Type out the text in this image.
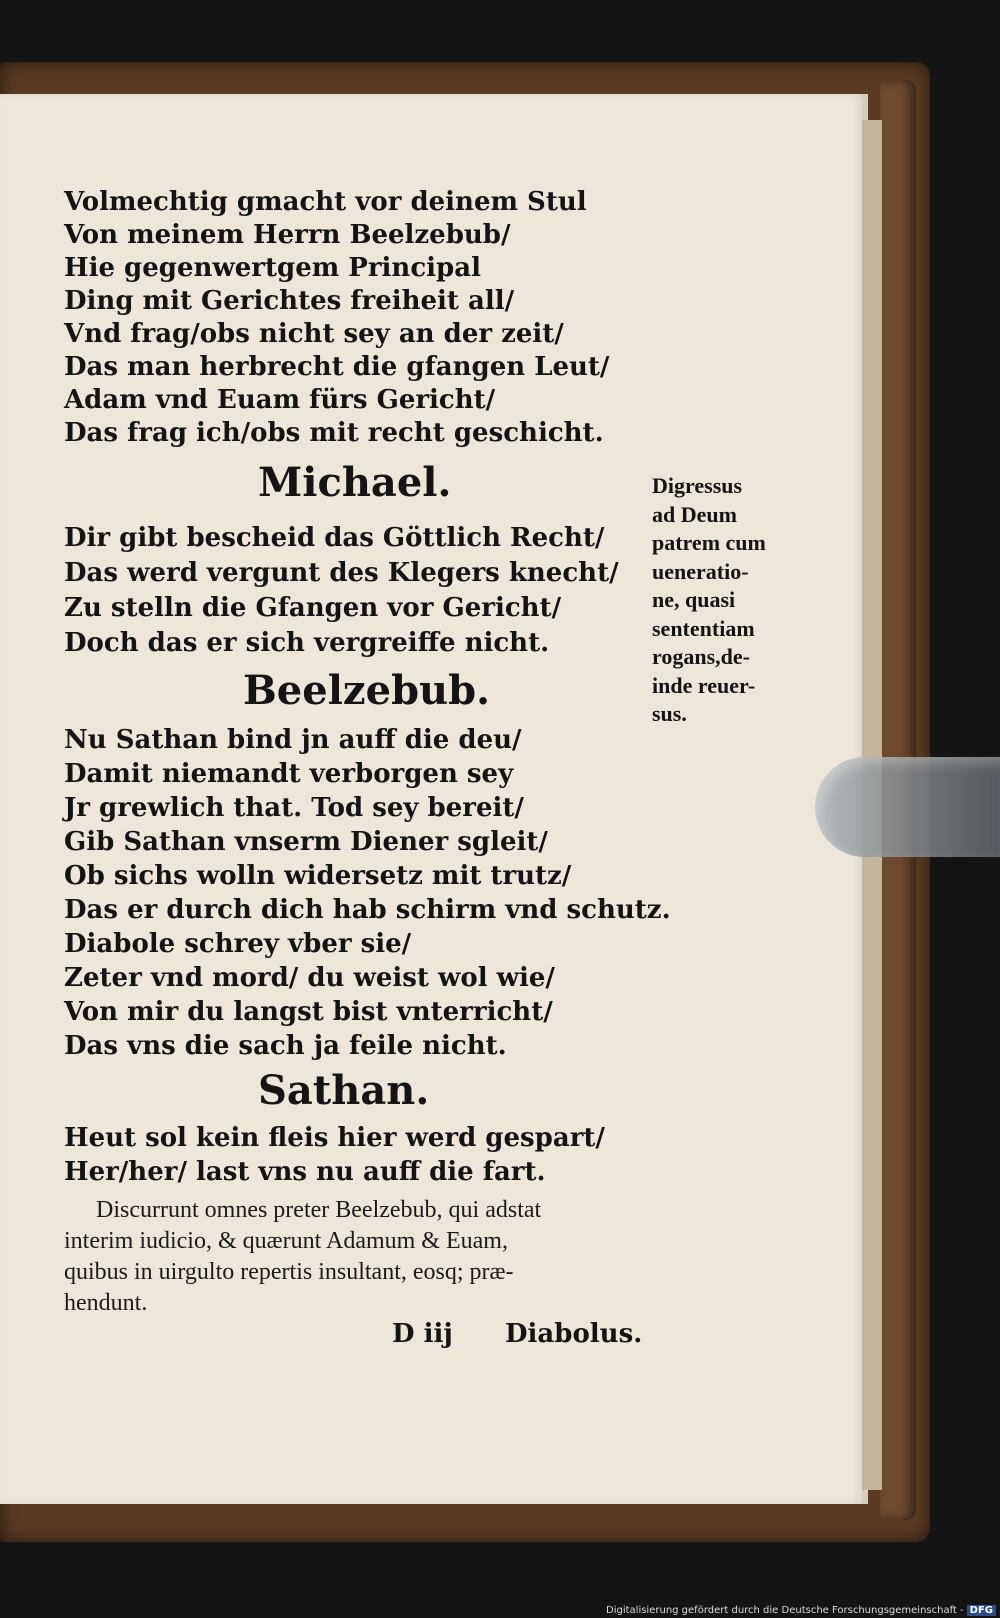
Volmechtig gmacht vor deinem Stul
Von meinem Herrn Beelzebub/
Hie gegenwertgem Principal
Ding mit Gerichtes freiheit all/
Vnd frag/obs nicht sey an der zeit/
Das man herbrecht die gfangen Leut/
Adam vnd Euam fürs Gericht/
Das frag ich/obs mit recht geschicht.
Michael.
Dir gibt bescheid das Göttlich Recht/
Das werd vergunt des Klegers knecht/
Zu stelln die Gfangen vor Gericht/
Doch das er sich vergreiffe nicht.
Beelzebub.
Nu Sathan bind jn auff die deu/
Damit niemandt verborgen sey
Jr grewlich that. Tod sey bereit/
Gib Sathan vnserm Diener sgleit/
Ob sichs wolln widersetz mit trutz/
Das er durch dich hab schirm vnd schutz.
Diabole schrey vber sie/
Zeter vnd mord/ du weist wol wie/
Von mir du langst bist vnterricht/
Das vns die sach ja feile nicht.
Sathan.
Heut sol kein fleis hier werd gespart/
Her/her/ last vns nu auff die fart.
Discurrunt omnes preter Beelzebub, qui adstat
interim iudicio, & quærunt Adamum & Euam,
quibus in uirgulto repertis insultant, eosq; præ-
hendunt.
D iij Diabolus.
Digressus
ad Deum
patrem cum
ueneratio-
ne, quasi
sententiam
rogans,de-
inde reuer-
sus.
Digitalisierung gefördert durch die Deutsche Forschungsgemeinschaft - DFG
